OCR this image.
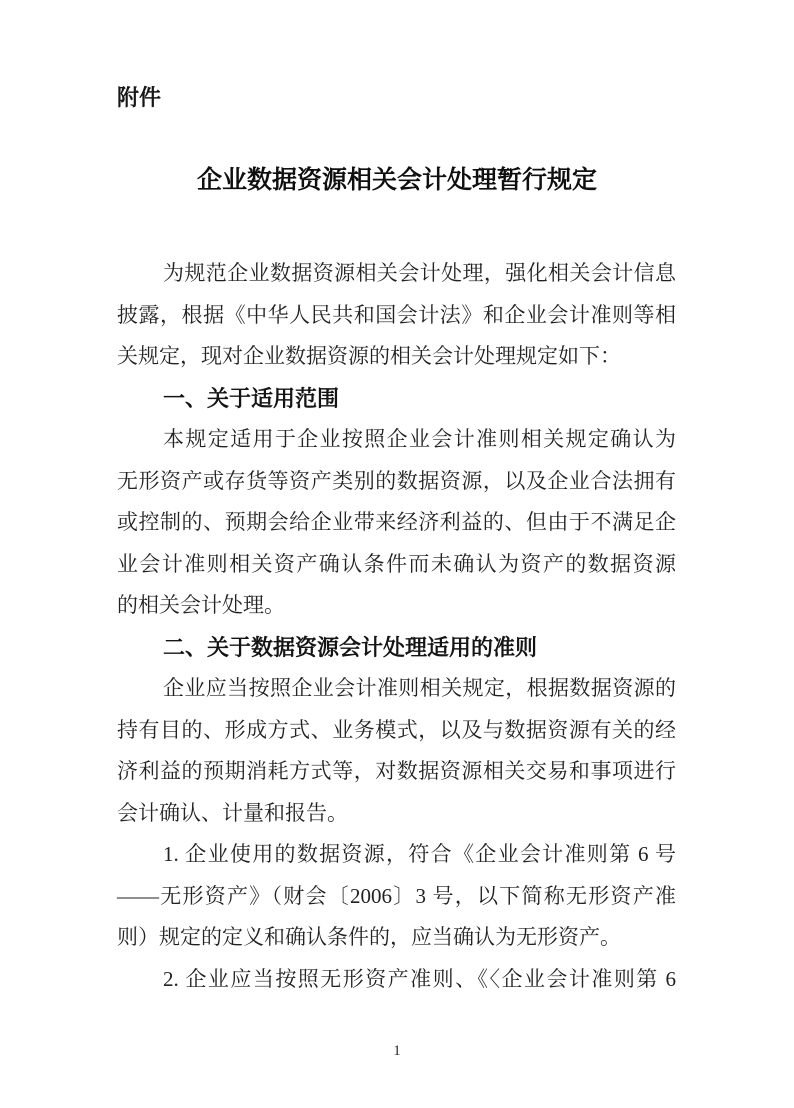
附件
企业数据资源相关会计处理暂行规定
为规范企业数据资源相关会计处理，强化相关会计信息
披露，根据《中华人民共和国会计法》和企业会计准则等相
关规定，现对企业数据资源的相关会计处理规定如下：
一、关于适用范围
本规定适用于企业按照企业会计准则相关规定确认为
无形资产或存货等资产类别的数据资源，以及企业合法拥有
或控制的、预期会给企业带来经济利益的、但由于不满足企
业会计准则相关资产确认条件而未确认为资产的数据资源
的相关会计处理。
二、关于数据资源会计处理适用的准则
企业应当按照企业会计准则相关规定，根据数据资源的
持有目的、形成方式、业务模式，以及与数据资源有关的经
济利益的预期消耗方式等，对数据资源相关交易和事项进行
会计确认、计量和报告。
1. 企业使用的数据资源，符合《企业会计准则第 6 号
——无形资产》（财会〔2006〕3 号，以下简称无形资产准
则）规定的定义和确认条件的，应当确认为无形资产。
2. 企业应当按照无形资产准则、《〈企业会计准则第 6
1
